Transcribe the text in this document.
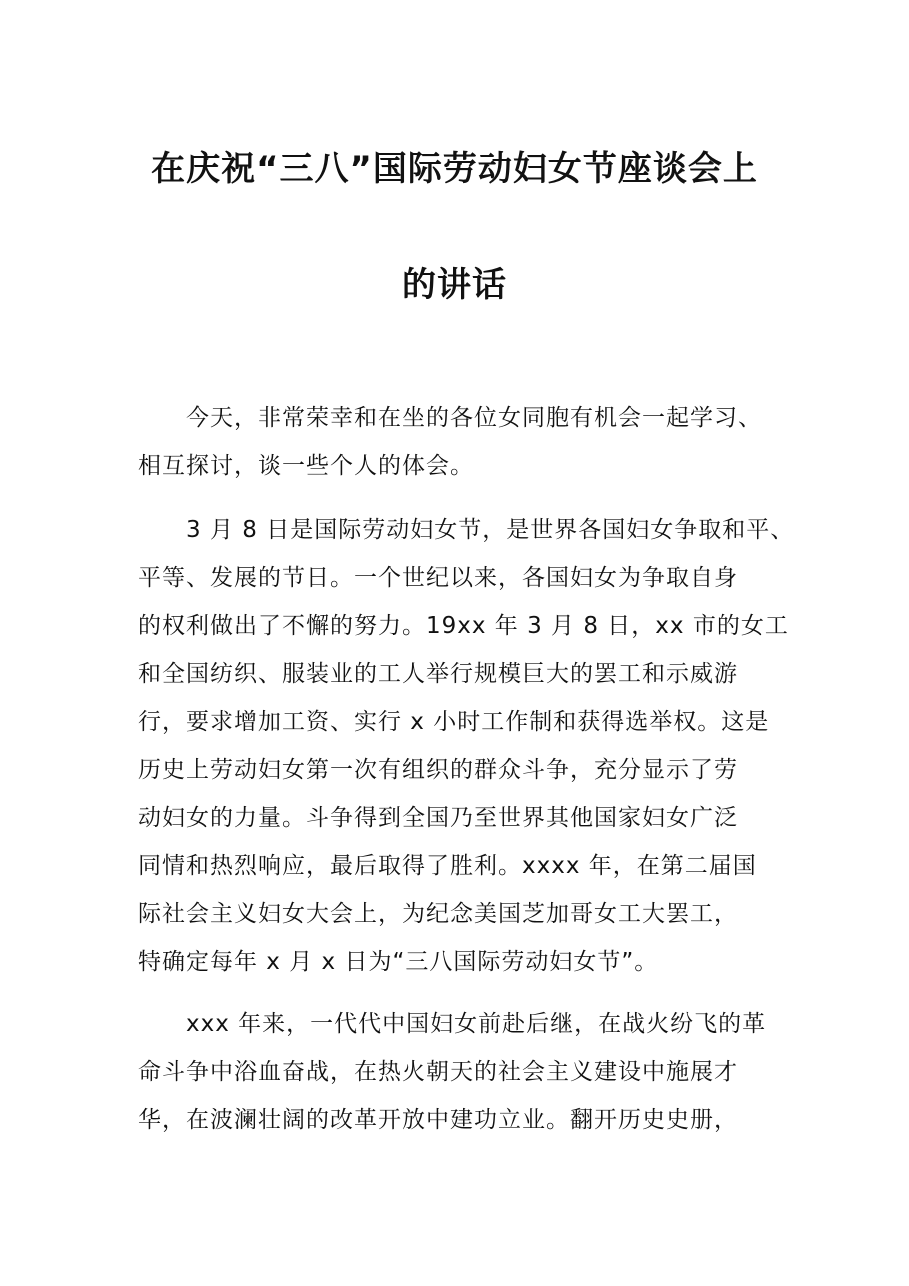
在庆祝“三八”国际劳动妇女节座谈会上
的讲话

今天，非常荣幸和在坐的各位女同胞有机会一起学习、
相互探讨，谈一些个人的体会。

3 月 8 日是国际劳动妇女节，是世界各国妇女争取和平、
平等、发展的节日。一个世纪以来，各国妇女为争取自身
的权利做出了不懈的努力。19xx 年 3 月 8 日，xx 市的女工
和全国纺织、服装业的工人举行规模巨大的罢工和示威游
行，要求增加工资、实行 x 小时工作制和获得选举权。这是
历史上劳动妇女第一次有组织的群众斗争，充分显示了劳
动妇女的力量。斗争得到全国乃至世界其他国家妇女广泛
同情和热烈响应，最后取得了胜利。xxxx 年，在第二届国
际社会主义妇女大会上，为纪念美国芝加哥女工大罢工，
特确定每年 x 月 x 日为“三八国际劳动妇女节”。

xxx 年来，一代代中国妇女前赴后继，在战火纷飞的革
命斗争中浴血奋战，在热火朝天的社会主义建设中施展才
华，在波澜壮阔的改革开放中建功立业。翻开历史史册，
